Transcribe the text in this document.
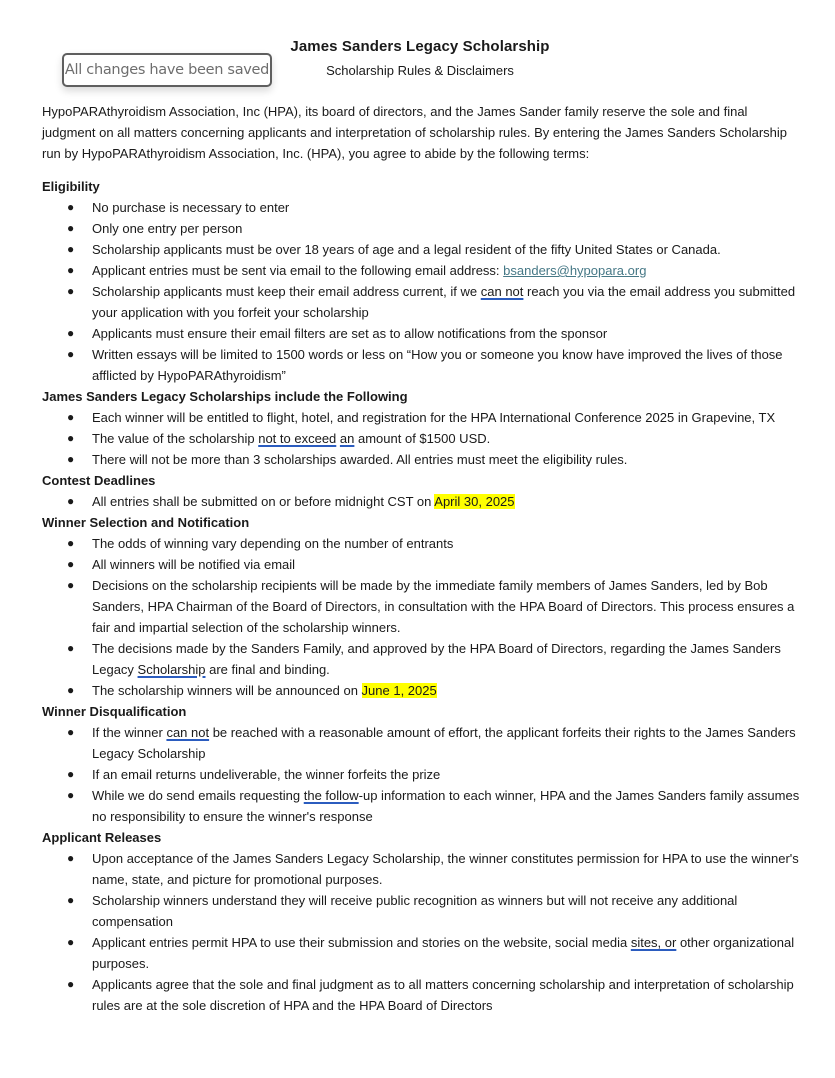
James Sanders Legacy Scholarship
Scholarship Rules & Disclaimers
All changes have been saved

HypoPARAthyroidism Association, Inc (HPA), its board of directors, and the James Sander family reserve the sole and final judgment on all matters concerning applicants and interpretation of scholarship rules. By entering the James Sanders Scholarship run by HypoPARAthyroidism Association, Inc. (HPA), you agree to abide by the following terms:

Eligibility
● No purchase is necessary to enter
● Only one entry per person
● Scholarship applicants must be over 18 years of age and a legal resident of the fifty United States or Canada.
● Applicant entries must be sent via email to the following email address: bsanders@hypopara.org
● Scholarship applicants must keep their email address current, if we can not reach you via the email address you submitted your application with you forfeit your scholarship
● Applicants must ensure their email filters are set as to allow notifications from the sponsor
● Written essays will be limited to 1500 words or less on “How you or someone you know have improved the lives of those afflicted by HypoPARAthyroidism”
James Sanders Legacy Scholarships include the Following
● Each winner will be entitled to flight, hotel, and registration for the HPA International Conference 2025 in Grapevine, TX
● The value of the scholarship not to exceed an amount of $1500 USD.
● There will not be more than 3 scholarships awarded. All entries must meet the eligibility rules.
Contest Deadlines
● All entries shall be submitted on or before midnight CST on April 30, 2025
Winner Selection and Notification
● The odds of winning vary depending on the number of entrants
● All winners will be notified via email
● Decisions on the scholarship recipients will be made by the immediate family members of James Sanders, led by Bob Sanders, HPA Chairman of the Board of Directors, in consultation with the HPA Board of Directors. This process ensures a fair and impartial selection of the scholarship winners.
● The decisions made by the Sanders Family, and approved by the HPA Board of Directors, regarding the James Sanders Legacy Scholarship are final and binding.
● The scholarship winners will be announced on June 1, 2025
Winner Disqualification
● If the winner can not be reached with a reasonable amount of effort, the applicant forfeits their rights to the James Sanders Legacy Scholarship
● If an email returns undeliverable, the winner forfeits the prize
● While we do send emails requesting the follow-up information to each winner, HPA and the James Sanders family assumes no responsibility to ensure the winner's response
Applicant Releases
● Upon acceptance of the James Sanders Legacy Scholarship, the winner constitutes permission for HPA to use the winner's name, state, and picture for promotional purposes.
● Scholarship winners understand they will receive public recognition as winners but will not receive any additional compensation
● Applicant entries permit HPA to use their submission and stories on the website, social media sites, or other organizational purposes.
● Applicants agree that the sole and final judgment as to all matters concerning scholarship and interpretation of scholarship rules are at the sole discretion of HPA and the HPA Board of Directors
